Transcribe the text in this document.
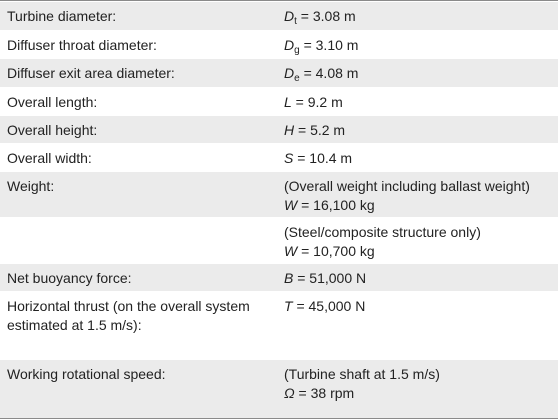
Turbine diameter:	$D_t = 3.08$ m
Diffuser throat diameter:	$D_g = 3.10$ m
Diffuser exit area diameter:	$D_e = 4.08$ m
Overall length:	L = 9.2 m
Overall height:	H = 5.2 m
Overall width:	S = 10.4 m
Weight:	(Overall weight including ballast weight)
W = 16,100 kg
(Steel/composite structure only)
W = 10,700 kg
Net buoyancy force:	B = 51,000 N
Horizontal thrust (on the overall system estimated at 1.5 m/s):
T = 45,000 N
Working rotational speed:	(Turbine shaft at 1.5 m/s)
Ω = 38 rpm
